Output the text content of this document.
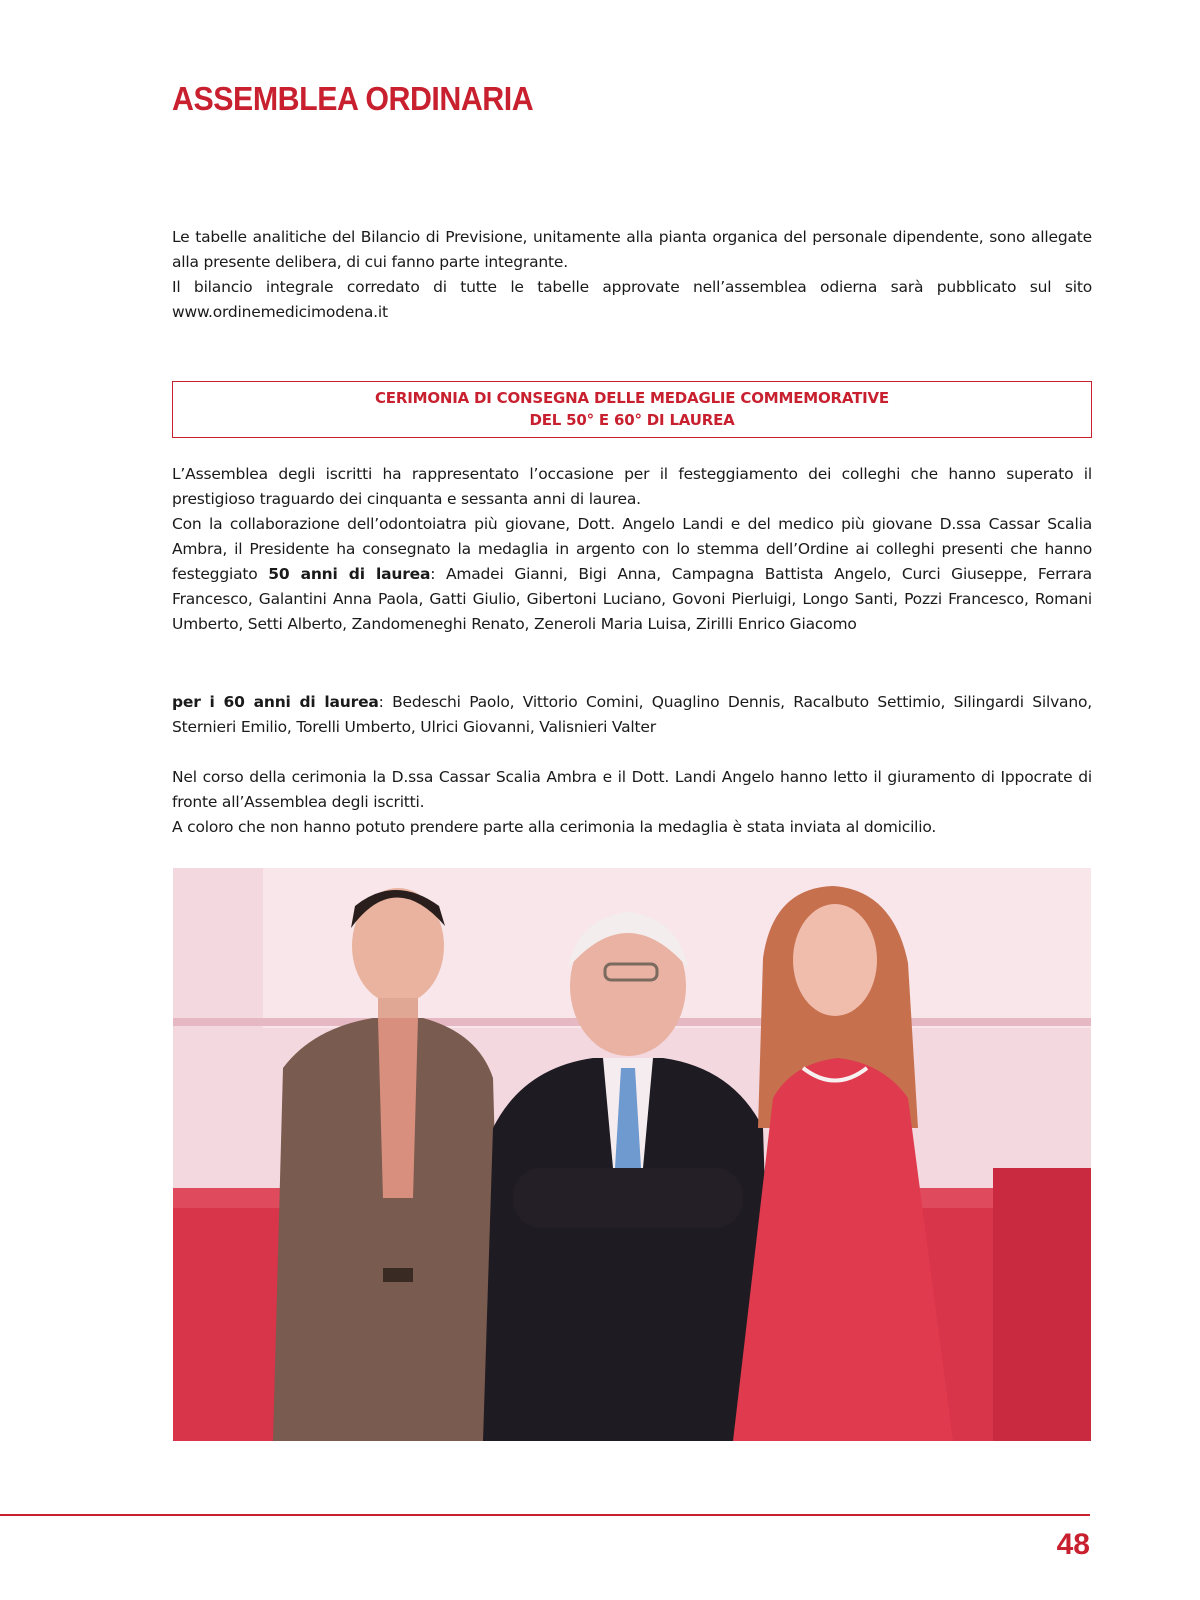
ASSEMBLEA ORDINARIA

Le tabelle analitiche del Bilancio di Previsione, unitamente alla pianta organica del personale dipendente, sono allegate alla presente delibera, di cui fanno parte integrante.

Il bilancio integrale corredato di tutte le tabelle approvate nell’assemblea odierna sarà pubblicato sul sito www.ordinemedicimodena.it

CERIMONIA DI CONSEGNA DELLE MEDAGLIE COMMEMORATIVE
DEL 50° E 60° DI LAUREA

L’Assemblea degli iscritti ha rappresentato l’occasione per il festeggiamento dei colleghi che hanno superato il prestigioso traguardo dei cinquanta e sessanta anni di laurea.

Con la collaborazione dell’odontoiatra più giovane, Dott. Angelo Landi e del medico più giovane D.ssa Cassar Scalia Ambra, il Presidente ha consegnato la medaglia in argento con lo stemma dell’Ordine ai colleghi presenti che hanno festeggiato 50 anni di laurea: Amadei Gianni, Bigi Anna, Campagna Battista Angelo, Curci Giuseppe, Ferrara Francesco, Galantini Anna Paola, Gatti Giulio, Gibertoni Luciano, Govoni Pierluigi, Longo Santi, Pozzi Francesco, Romani Umberto, Setti Alberto, Zandomeneghi Renato, Zeneroli Maria Luisa, Zirilli Enrico Giacomo

per i 60 anni di laurea: Bedeschi Paolo, Vittorio Comini, Quaglino Dennis, Racalbuto Settimio, Silingardi Silvano, Sternieri Emilio, Torelli Umberto, Ulrici Giovanni, Valisnieri Valter

Nel corso della cerimonia la D.ssa Cassar Scalia Ambra e il Dott. Landi Angelo hanno letto il giuramento di Ippocrate di fronte all’Assemblea degli iscritti.

A coloro che non hanno potuto prendere parte alla cerimonia la medaglia è stata inviata al domicilio.

48
